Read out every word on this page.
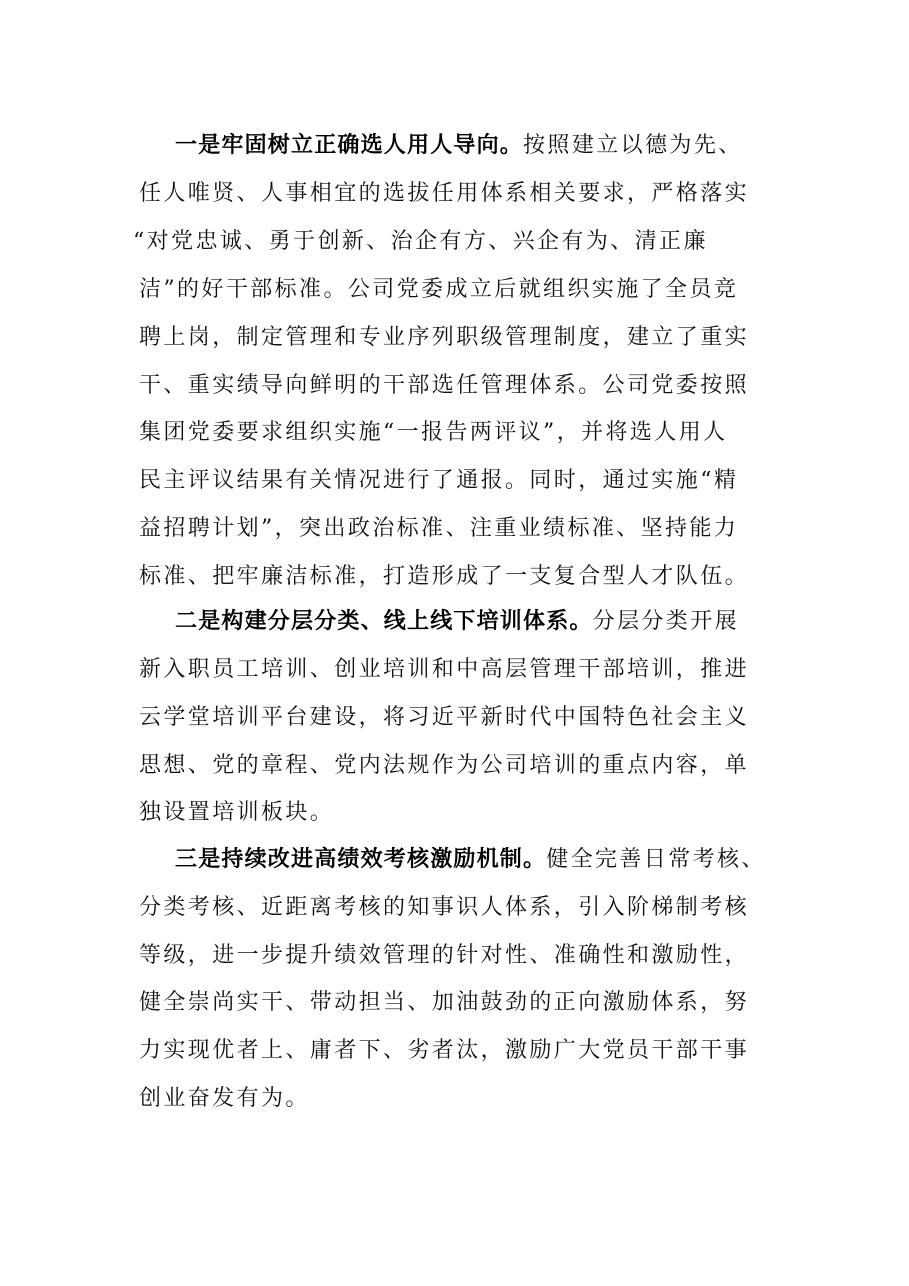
一是牢固树立正确选人用人导向。按照建立以德为先、
任人唯贤、人事相宜的选拔任用体系相关要求，严格落实
“对党忠诚、勇于创新、治企有方、兴企有为、清正廉
洁”的好干部标准。公司党委成立后就组织实施了全员竞
聘上岗，制定管理和专业序列职级管理制度，建立了重实
干、重实绩导向鲜明的干部选任管理体系。公司党委按照
集团党委要求组织实施“一报告两评议”，并将选人用人
民主评议结果有关情况进行了通报。同时，通过实施“精
益招聘计划”，突出政治标准、注重业绩标准、坚持能力
标准、把牢廉洁标准，打造形成了一支复合型人才队伍。
二是构建分层分类、线上线下培训体系。分层分类开展
新入职员工培训、创业培训和中高层管理干部培训，推进
云学堂培训平台建设，将习近平新时代中国特色社会主义
思想、党的章程、党内法规作为公司培训的重点内容，单
独设置培训板块。
三是持续改进高绩效考核激励机制。健全完善日常考核、
分类考核、近距离考核的知事识人体系，引入阶梯制考核
等级，进一步提升绩效管理的针对性、准确性和激励性，
健全崇尚实干、带动担当、加油鼓劲的正向激励体系，努
力实现优者上、庸者下、劣者汰，激励广大党员干部干事
创业奋发有为。
